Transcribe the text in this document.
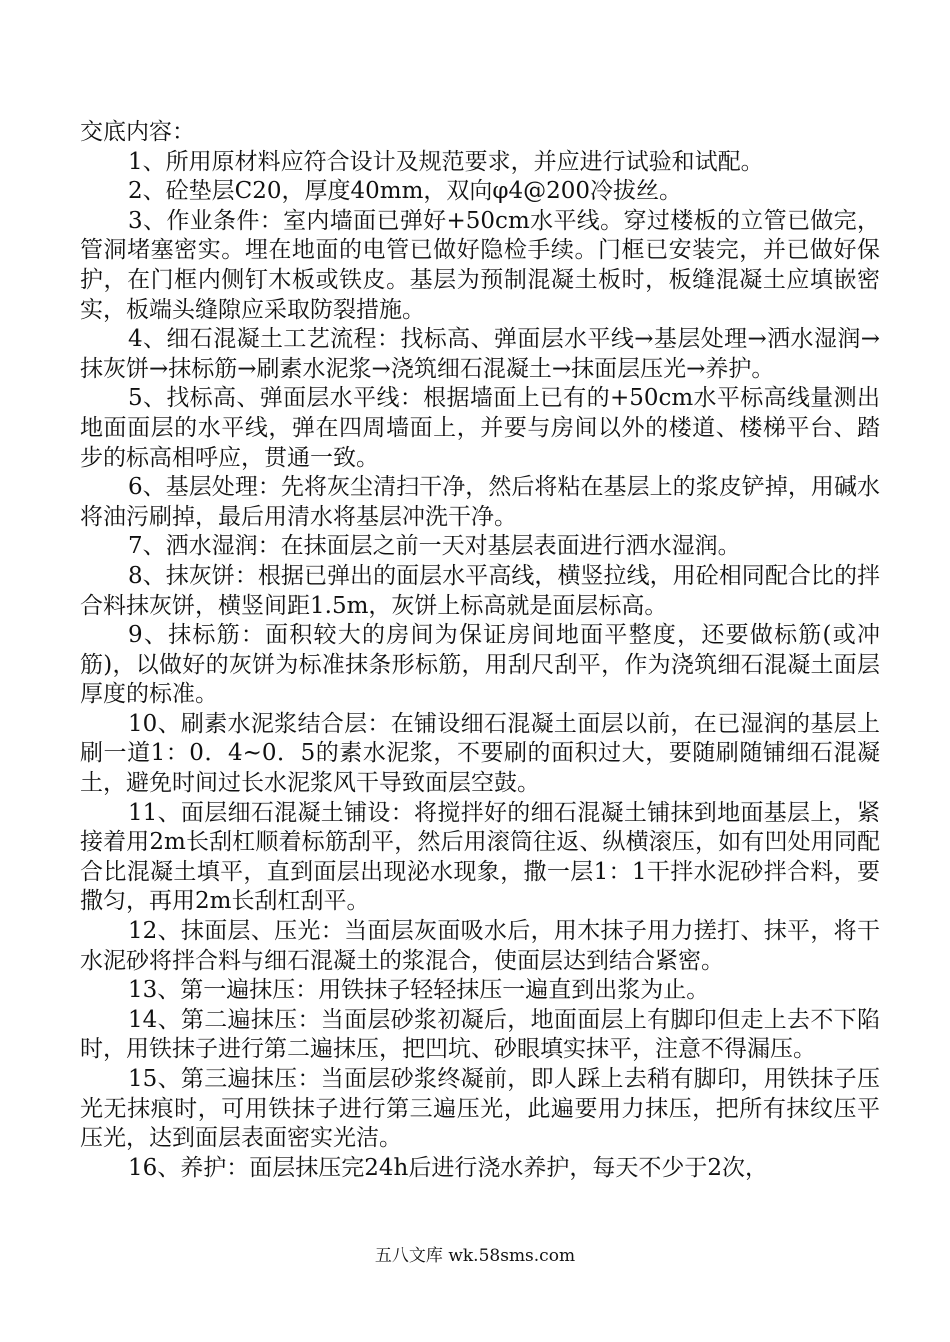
交底内容：

1、所用原材料应符合设计及规范要求，并应进行试验和试配。

2、砼垫层C20，厚度40mm，双向φ4@200冷拔丝。

3、作业条件：室内墙面已弹好+50cm水平线。穿过楼板的立管已做完，管洞堵塞密实。埋在地面的电管已做好隐检手续。门框已安装完，并已做好保护，在门框内侧钉木板或铁皮。基层为预制混凝土板时，板缝混凝土应填嵌密实，板端头缝隙应采取防裂措施。

4、细石混凝土工艺流程：找标高、弹面层水平线→基层处理→洒水湿润→抹灰饼→抹标筋→刷素水泥浆→浇筑细石混凝土→抹面层压光→养护。

5、找标高、弹面层水平线：根据墙面上已有的+50cm水平标高线量测出地面面层的水平线，弹在四周墙面上，并要与房间以外的楼道、楼梯平台、踏步的标高相呼应，贯通一致。

6、基层处理：先将灰尘清扫干净，然后将粘在基层上的浆皮铲掉，用碱水将油污刷掉，最后用清水将基层冲洗干净。

7、洒水湿润：在抹面层之前一天对基层表面进行洒水湿润。

8、抹灰饼：根据已弹出的面层水平高线，横竖拉线，用砼相同配合比的拌合料抹灰饼，横竖间距1.5m，灰饼上标高就是面层标高。

9、抹标筋：面积较大的房间为保证房间地面平整度，还要做标筋(或冲筋)，以做好的灰饼为标准抹条形标筋，用刮尺刮平，作为浇筑细石混凝土面层厚度的标准。

10、刷素水泥浆结合层：在铺设细石混凝土面层以前，在已湿润的基层上刷一道1：0．4~0．5的素水泥浆，不要刷的面积过大，要随刷随铺细石混凝土，避免时间过长水泥浆风干导致面层空鼓。

11、面层细石混凝土铺设：将搅拌好的细石混凝土铺抹到地面基层上，紧接着用2m长刮杠顺着标筋刮平，然后用滚筒往返、纵横滚压，如有凹处用同配合比混凝土填平，直到面层出现泌水现象，撒一层1：1干拌水泥砂拌合料，要撒匀，再用2m长刮杠刮平。

12、抹面层、压光：当面层灰面吸水后，用木抹子用力搓打、抹平，将干水泥砂将拌合料与细石混凝土的浆混合，使面层达到结合紧密。

13、第一遍抹压：用铁抹子轻轻抹压一遍直到出浆为止。

14、第二遍抹压：当面层砂浆初凝后，地面面层上有脚印但走上去不下陷时，用铁抹子进行第二遍抹压，把凹坑、砂眼填实抹平，注意不得漏压。

15、第三遍抹压：当面层砂浆终凝前，即人踩上去稍有脚印，用铁抹子压光无抹痕时，可用铁抹子进行第三遍压光，此遍要用力抹压，把所有抹纹压平压光，达到面层表面密实光洁。

16、养护：面层抹压完24h后进行浇水养护，每天不少于2次，

五八文库 wk.58sms.com
